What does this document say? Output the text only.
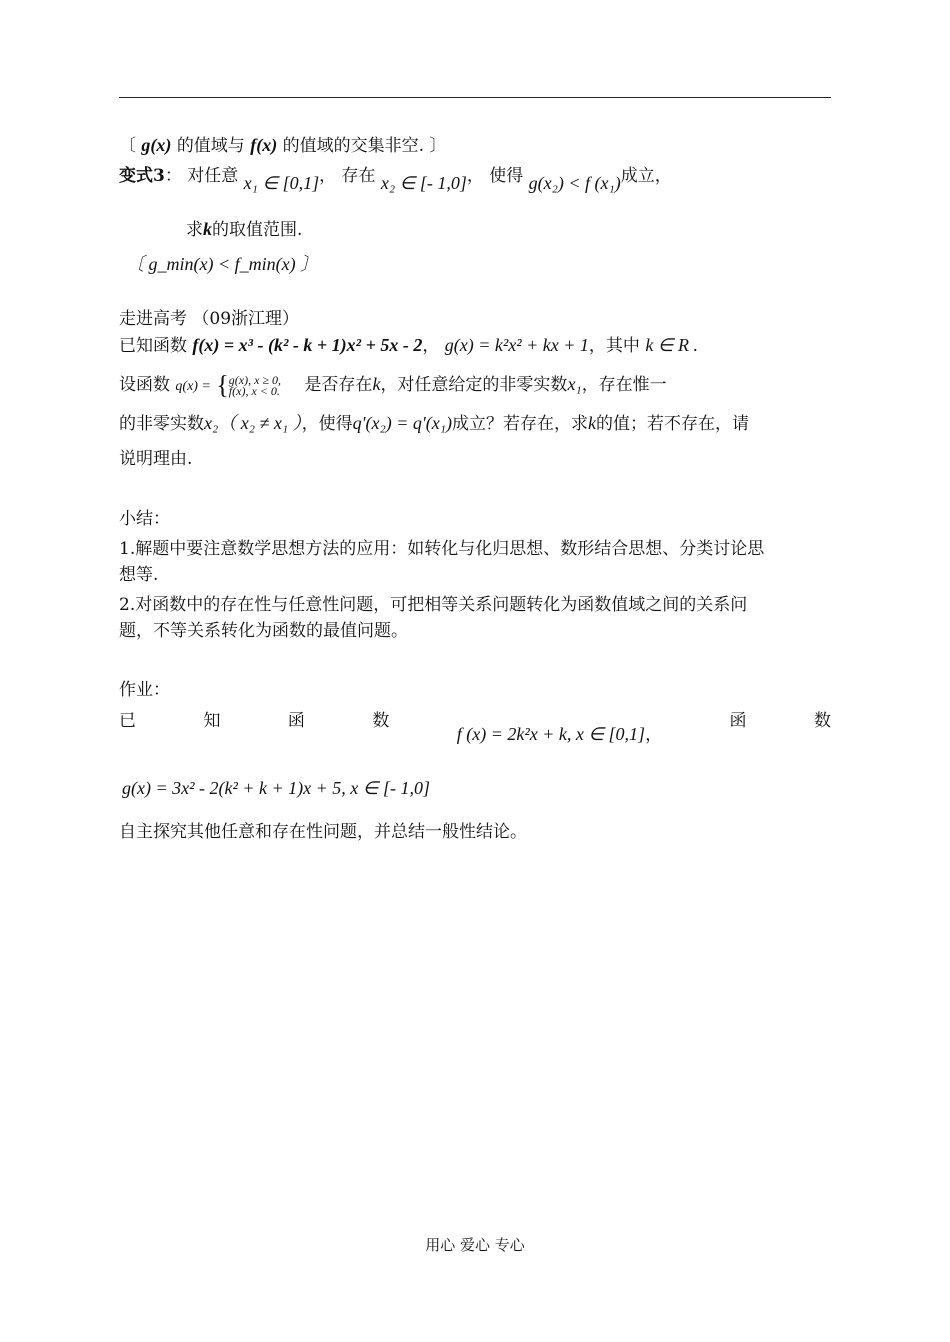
〔 g(x) 的值域与 f(x) 的值域的交集非空. 〕
变式3： 对任意 x₁ ∈ [0,1]， 存在 x₂ ∈ [- 1,0]， 使得 g(x₂) < f (x₁)成立，
求k的取值范围.
〔 g_min(x) < f_min(x) 〕
走进高考 （09浙江理）
已知函数 f(x) = x³ - (k² - k + 1)x² + 5x - 2， g(x) = k²x² + kx + 1，其中 k ∈ R .
设函数 q(x) = {g(x), x ≥ 0,
f(x), x < 0. 是否存在k，对任意给定的非零实数x₁，存在惟一
的非零实数x₂（ x₂ ≠ x₁ ），使得q'(x₂) = q'(x₁)成立？若存在，求k的值；若不存在，请
说明理由.
小结：
1.解题中要注意数学思想方法的应用：如转化与化归思想、数形结合思想、分类讨论思
想等.
2.对函数中的存在性与任意性问题，可把相等关系问题转化为函数值域之间的关系问
题，不等关系转化为函数的最值问题。
作业：
已	知	函	数
f (x) = 2k²x + k, x ∈ [0,1]，
函	数
g(x) = 3x² - 2(k² + k + 1)x + 5, x ∈ [- 1,0]
自主探究其他任意和存在性问题，并总结一般性结论。
用心 爱心 专心
